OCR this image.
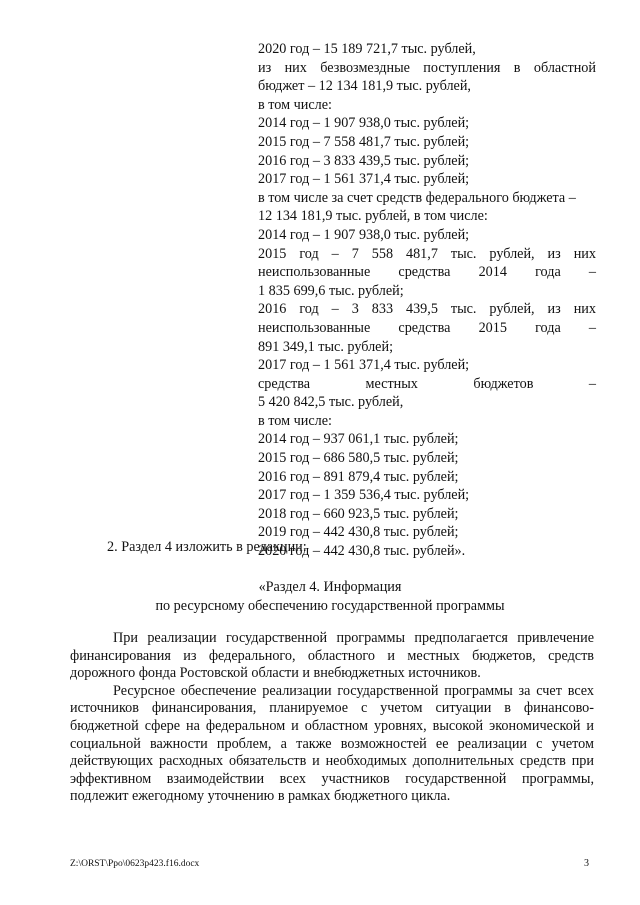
2020 год – 15 189 721,7 тыс. рублей,
из них безвозмездные поступления в областной
бюджет – 12 134 181,9 тыс. рублей,
в том числе:
2014 год – 1 907 938,0 тыс. рублей;
2015 год – 7 558 481,7 тыс. рублей;
2016 год – 3 833 439,5 тыс. рублей;
2017 год – 1 561 371,4 тыс. рублей;
в том числе за счет средств федерального бюджета –
12 134 181,9 тыс. рублей, в том числе:
2014 год – 1 907 938,0 тыс. рублей;
2015 год – 7 558 481,7 тыс. рублей, из них
неиспользованные средства 2014 года –
1 835 699,6 тыс. рублей;
2016 год – 3 833 439,5 тыс. рублей, из них
неиспользованные средства 2015 года –
891 349,1 тыс. рублей;
2017 год – 1 561 371,4 тыс. рублей;
средства местных бюджетов –
5 420 842,5 тыс. рублей,
в том числе:
2014 год – 937 061,1 тыс. рублей;
2015 год – 686 580,5 тыс. рублей;
2016 год – 891 879,4 тыс. рублей;
2017 год – 1 359 536,4 тыс. рублей;
2018 год – 660 923,5 тыс. рублей;
2019 год – 442 430,8 тыс. рублей;
2020 год – 442 430,8 тыс. рублей».
2. Раздел 4 изложить в редакции:
«Раздел 4. Информация
по ресурсному обеспечению государственной программы

При реализации государственной программы предполагается привлечение финансирования из федерального, областного и местных бюджетов, средств дорожного фонда Ростовской области и внебюджетных источников.

Ресурсное обеспечение реализации государственной программы за счет всех источников финансирования, планируемое с учетом ситуации в финансово-бюджетной сфере на федеральном и областном уровнях, высокой экономической и социальной важности проблем, а также возможностей ее реализации с учетом действующих расходных обязательств и необходимых дополнительных средств при эффективном взаимодействии всех участников государственной программы, подлежит ежегодному уточнению в рамках бюджетного цикла.

Z:\ORST\Ppo\0623p423.f16.docx	3
